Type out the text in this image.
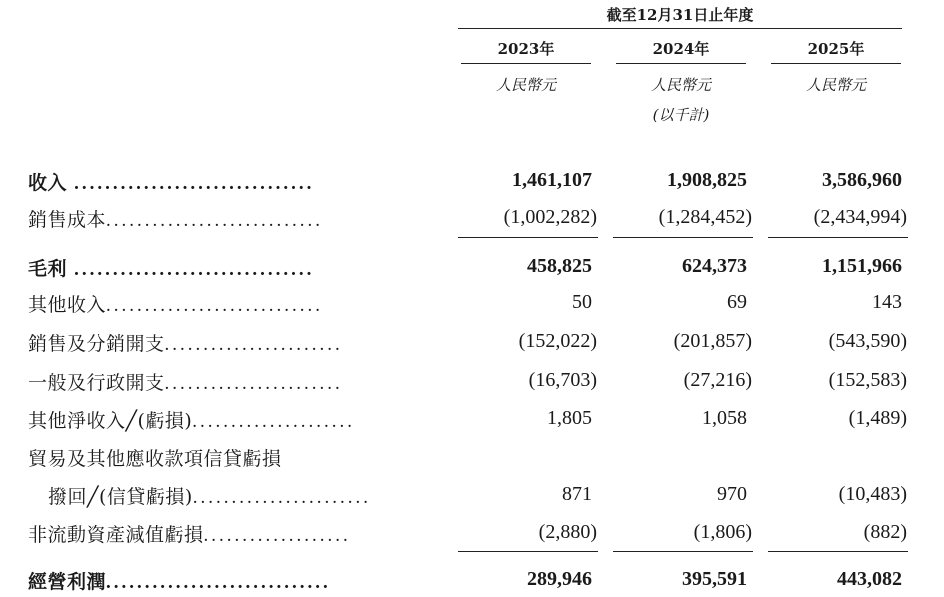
截至12月31日止年度
2023年	2024年	2025年
人民幣元	人民幣元	人民幣元
(以千計)
收入 ...............................	1,461,107	1,908,825	3,586,960
銷售成本............................	(1,002,282)	(1,284,452)	(2,434,994)
毛利 ...............................	458,825	624,373	1,151,966
其他收入............................	50	69	143
銷售及分銷開支.......................	(152,022)	(201,857)	(543,590)
一般及行政開支.......................	(16,703)	(27,216)	(152,583)
其他淨收入╱(虧損).....................	1,805	1,058	(1,489)
貿易及其他應收款項信貸虧損
撥回╱(信貸虧損).......................	871	970	(10,483)
非流動資產減值虧損...................	(2,880)	(1,806)	(882)
經營利潤.............................	289,946	395,591	443,082
